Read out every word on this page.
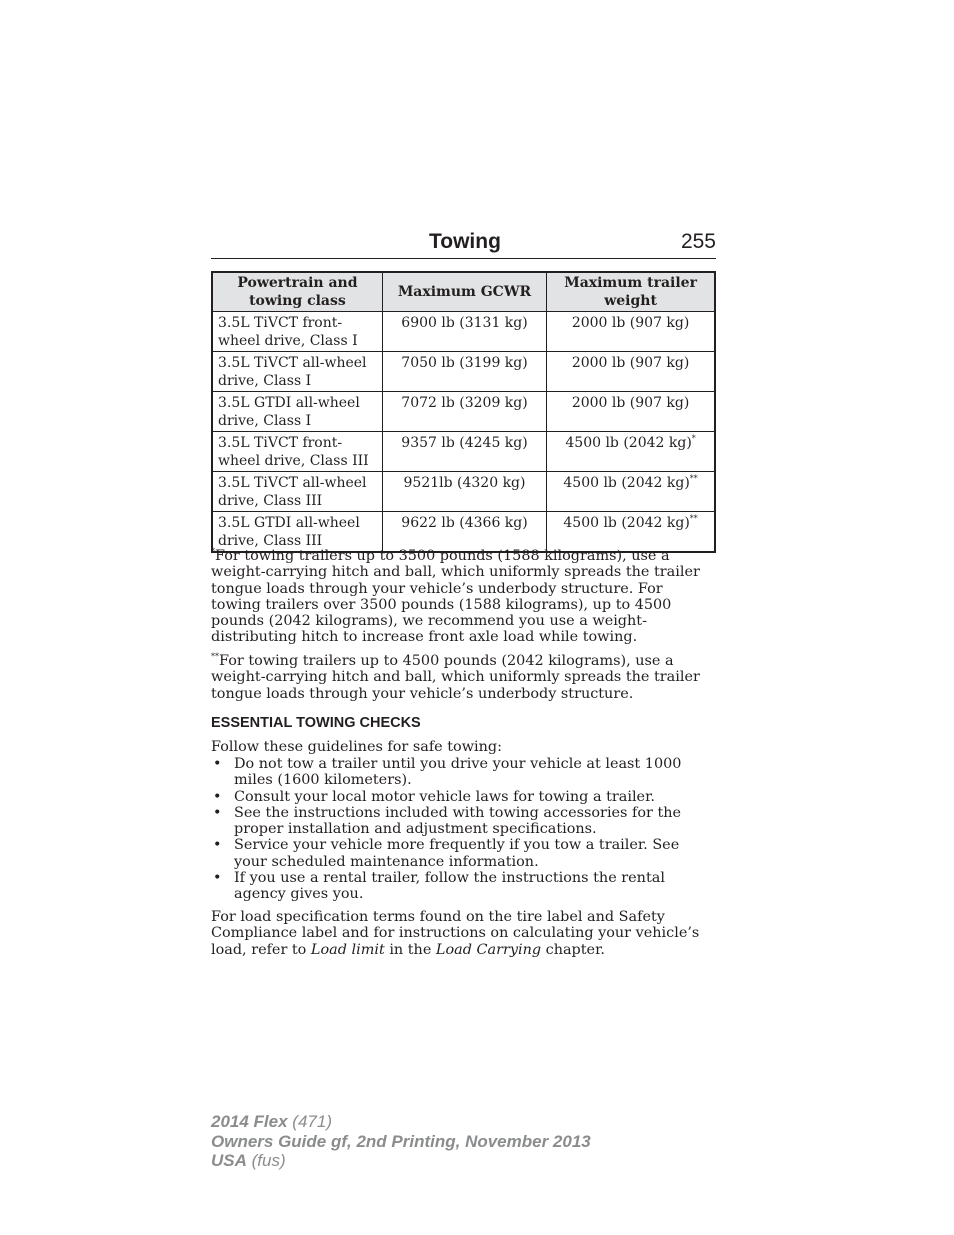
Towing	255
Powertrain and towing class	Maximum GCWR	Maximum trailer weight
3.5L TiVCT front-wheel drive, Class I	6900 lb (3131 kg)	2000 lb (907 kg)
3.5L TiVCT all-wheel drive, Class I	7050 lb (3199 kg)	2000 lb (907 kg)
3.5L GTDI all-wheel drive, Class I	7072 lb (3209 kg)	2000 lb (907 kg)
3.5L TiVCT front-wheel drive, Class III	9357 lb (4245 kg)	4500 lb (2042 kg)*
3.5L TiVCT all-wheel drive, Class III	9521lb (4320 kg)	4500 lb (2042 kg)**
3.5L GTDI all-wheel drive, Class III	9622 lb (4366 kg)	4500 lb (2042 kg)**
*For towing trailers up to 3500 pounds (1588 kilograms), use a weight-carrying hitch and ball, which uniformly spreads the trailer tongue loads through your vehicle’s underbody structure. For towing trailers over 3500 pounds (1588 kilograms), up to 4500 pounds (2042 kilograms), we recommend you use a weight-distributing hitch to increase front axle load while towing.
**For towing trailers up to 4500 pounds (2042 kilograms), use a weight-carrying hitch and ball, which uniformly spreads the trailer tongue loads through your vehicle’s underbody structure.
ESSENTIAL TOWING CHECKS
Follow these guidelines for safe towing:
• Do not tow a trailer until you drive your vehicle at least 1000 miles (1600 kilometers).
• Consult your local motor vehicle laws for towing a trailer.
• See the instructions included with towing accessories for the proper installation and adjustment specifications.
• Service your vehicle more frequently if you tow a trailer. See your scheduled maintenance information.
• If you use a rental trailer, follow the instructions the rental agency gives you.
For load specification terms found on the tire label and Safety Compliance label and for instructions on calculating your vehicle’s load, refer to Load limit in the Load Carrying chapter.
2014 Flex (471)
Owners Guide gf, 2nd Printing, November 2013
USA (fus)
